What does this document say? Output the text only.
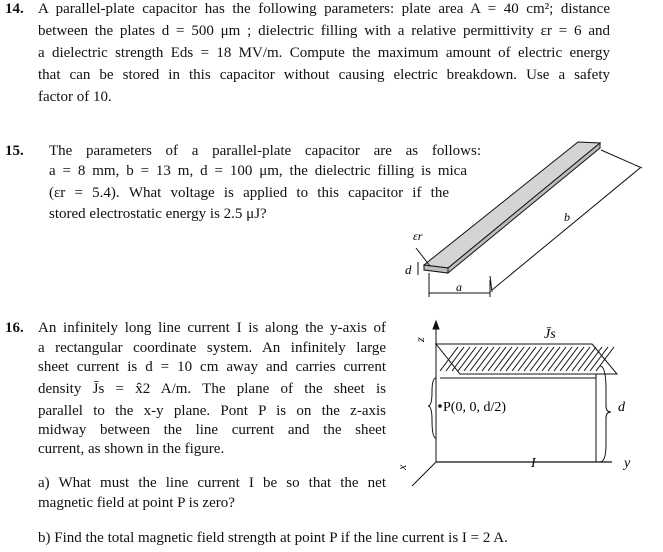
14. A parallel-plate capacitor has the following parameters: plate area A = 40 cm²; distance
between the plates d = 500 μm ; dielectric filling with a relative permittivity εr = 6 and
a dielectric strength Eds = 18 MV/m. Compute the maximum amount of electric energy
that can be stored in this capacitor without causing electric breakdown. Use a safety
factor of 10.
15. The parameters of a parallel-plate capacitor are as follows:
a = 8 mm, b = 13 m, d = 100 μm, the dielectric filling is mica
(εr = 5.4). What voltage is applied to this capacitor if the
stored electrostatic energy is 2.5 μJ?
εr
d
a
b
16. An infinitely long line current I is along the y-axis of
a rectangular coordinate system. An infinitely large
sheet current is d = 10 cm away and carries current
density J̄s = x̂2 A/m. The plane of the sheet is
parallel to the x-y plane. Pont P is on the z-axis
midway between the line current and the sheet
current, as shown in the figure.
a) What must the line current I be so that the net
magnetic field at point P is zero?
b) Find the total magnetic field strength at point P if the line current is I = 2 A.
z	J̄s
P(0, 0, d/2)	d
x	I	y
